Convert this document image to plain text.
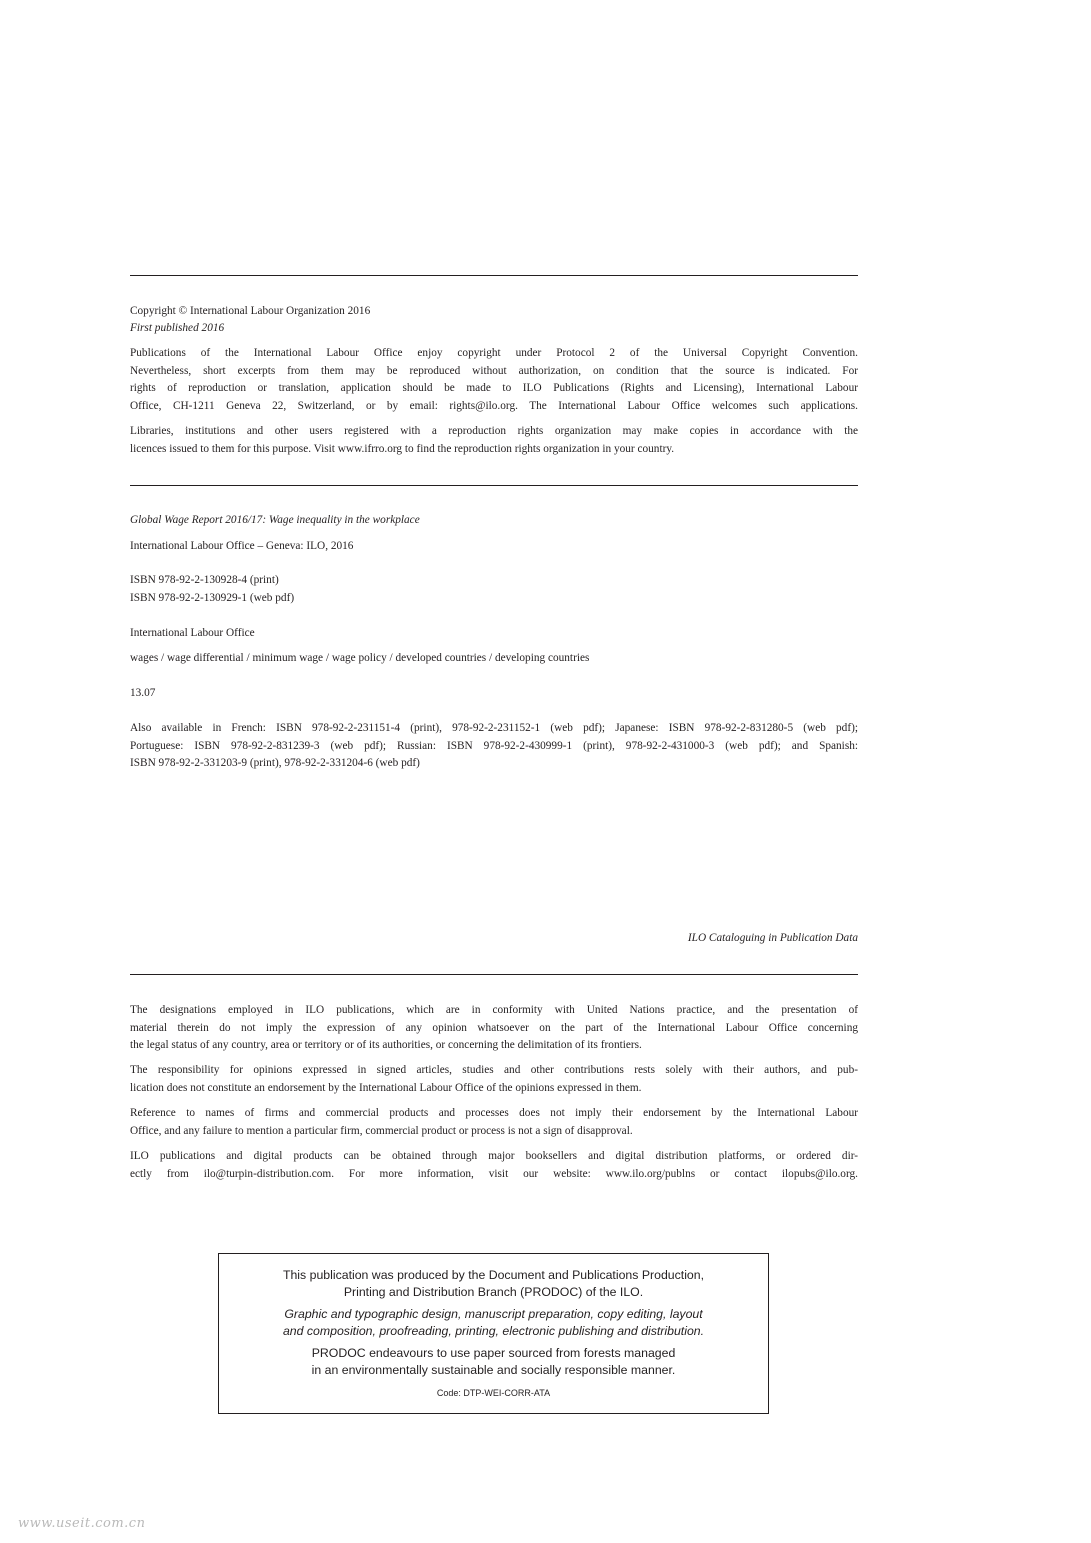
Copyright © International Labour Organization 2016
First published 2016

Publications of the International Labour Office enjoy copyright under Protocol 2 of the Universal Copyright Convention.

Nevertheless, short excerpts from them may be reproduced without authorization, on condition that the source is indicated. For

rights of reproduction or translation, application should be made to ILO Publications (Rights and Licensing), International Labour

Office, CH-1211 Geneva 22, Switzerland, or by email: rights@ilo.org. The International Labour Office welcomes such applications.

Libraries, institutions and other users registered with a reproduction rights organization may make copies in accordance with the

licences issued to them for this purpose. Visit www.ifrro.org to find the reproduction rights organization in your country.

Global Wage Report 2016/17: Wage inequality in the workplace
International Labour Office – Geneva: ILO, 2016
ISBN 978-92-2-130928-4 (print)
ISBN 978-92-2-130929-1 (web pdf)
International Labour Office
wages / wage differential / minimum wage / wage policy / developed countries / developing countries
13.07

Also available in French: ISBN 978-92-2-231151-4 (print), 978-92-2-231152-1 (web pdf); Japanese: ISBN 978-92-2-831280-5 (web pdf);

Portuguese: ISBN 978-92-2-831239-3 (web pdf); Russian: ISBN 978-92-2-430999-1 (print), 978-92-2-431000-3 (web pdf); and Spanish:

ISBN 978-92-2-331203-9 (print), 978-92-2-331204-6 (web pdf)

ILO Cataloguing in Publication Data

The designations employed in ILO publications, which are in conformity with United Nations practice, and the presentation of

material therein do not imply the expression of any opinion whatsoever on the part of the International Labour Office concerning

the legal status of any country, area or territory or of its authorities, or concerning the delimitation of its frontiers.

The responsibility for opinions expressed in signed articles, studies and other contributions rests solely with their authors, and pub-

lication does not constitute an endorsement by the International Labour Office of the opinions expressed in them.

Reference to names of firms and commercial products and processes does not imply their endorsement by the International Labour

Office, and any failure to mention a particular firm, commercial product or process is not a sign of disapproval.

ILO publications and digital products can be obtained through major booksellers and digital distribution platforms, or ordered dir-

ectly from ilo@turpin-distribution.com. For more information, visit our website: www.ilo.org/publns or contact ilopubs@ilo.org.

This publication was produced by the Document and Publications Production,
Printing and Distribution Branch (PRODOC) of the ILO.
Graphic and typographic design, manuscript preparation, copy editing, layout
and composition, proofreading, printing, electronic publishing and distribution.
PRODOC endeavours to use paper sourced from forests managed
in an environmentally sustainable and socially responsible manner.
Code: DTP-WEI-CORR-ATA
www.useit.com.cn
